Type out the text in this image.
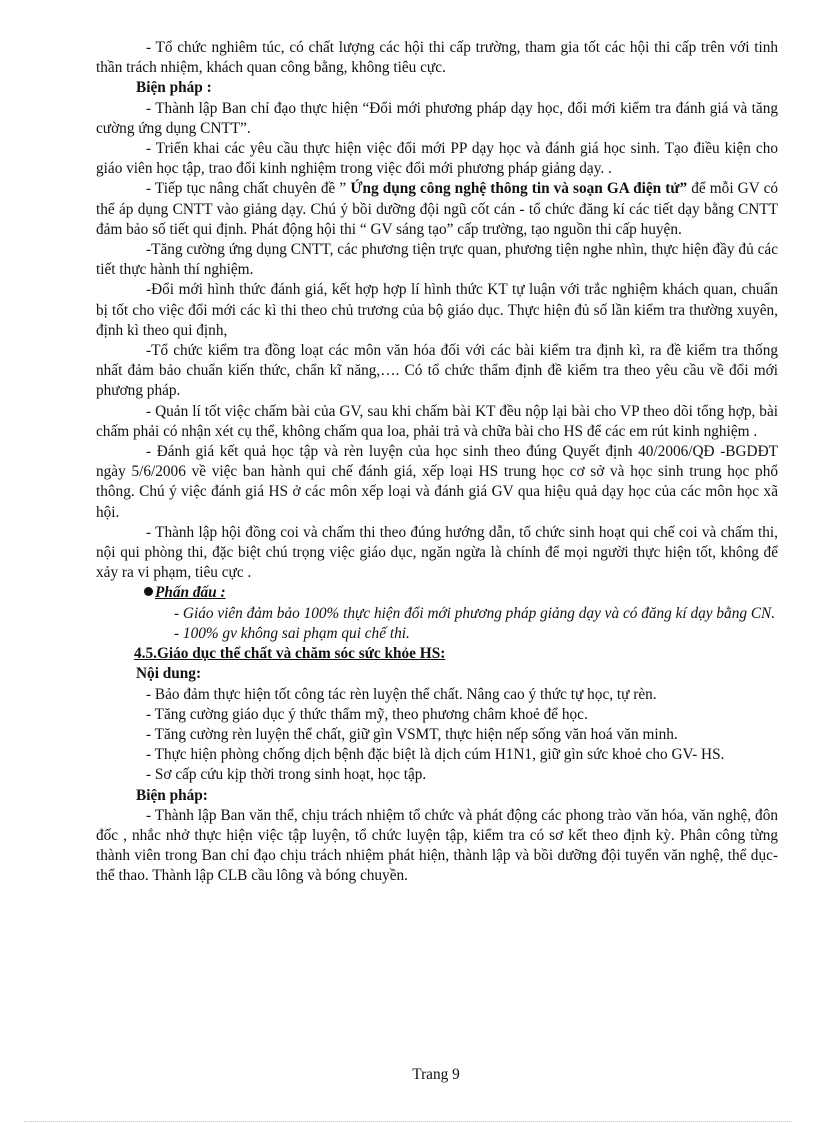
- Tổ chức nghiêm túc, có chất lượng các hội thi cấp trường, tham gia tốt các hội thi cấp trên với tinh thần trách nhiệm, khách quan công bằng, không tiêu cực.

Biện pháp :

- Thành lập Ban chỉ đạo thực hiện “Đổi mới phương pháp dạy học, đổi mới kiểm tra đánh giá và tăng cường ứng dụng CNTT”.

- Triển khai các yêu cầu thực hiện việc đổi mới PP dạy học và đánh giá học sinh. Tạo điều kiện cho giáo viên học tập, trao đổi kinh nghiệm trong việc đổi mới phương pháp giảng dạy. .

- Tiếp tục nâng chất chuyên đề ” Ứng dụng công nghệ thông tin và soạn GA điện tử” để mỗi GV có thể áp dụng CNTT vào giảng dạy. Chú ý bồi dưỡng đội ngũ cốt cán - tổ chức đăng kí các tiết dạy bằng CNTT đảm bảo số tiết qui định. Phát động hội thi “ GV sáng tạo” cấp trường, tạo nguồn thi cấp huyện.

-Tăng cường ứng dụng CNTT, các phương tiện trực quan, phương tiện nghe nhìn, thực hiện đầy đủ các tiết thực hành thí nghiệm.

-Đổi mới hình thức đánh giá, kết hợp hợp lí hình thức KT tự luận với trắc nghiệm khách quan, chuẩn bị tốt cho việc đổi mới các kì thi theo chủ trương của bộ giáo dục. Thực hiện đủ số lần kiểm tra thường xuyên, định kì theo qui định,

-Tổ chức kiểm tra đồng loạt các môn văn hóa đối với các bài kiểm tra định kì, ra đề kiểm tra thống nhất đảm bảo chuẩn kiến thức, chẩn kĩ năng,…. Có tổ chức thẩm định đề kiểm tra theo yêu cầu về đổi mới phương pháp.

- Quản lí tốt việc chấm bài của GV, sau khi chấm bài KT đều nộp lại bài cho VP theo dõi tổng hợp, bài chấm phải có nhận xét cụ thể, không chấm qua loa, phải trả và chữa bài cho HS để các em rút kinh nghiệm .

- Đánh giá kết quả học tập và rèn luyện của học sinh theo đúng Quyết định 40/2006/QĐ -BGDĐT ngày 5/6/2006 về việc ban hành qui chế đánh giá, xếp loại HS trung học cơ sở và học sinh trung học phổ thông. Chú ý việc đánh giá HS ở các môn xếp loại và đánh giá GV qua hiệu quả dạy học của các môn học xã hội.

- Thành lập hội đồng coi và chấm thi theo đúng hướng dẫn, tổ chức sinh hoạt qui chế coi và chấm thi, nội qui phòng thi, đặc biệt chú trọng việc giáo dục, ngăn ngừa là chính để mọi người thực hiện tốt, không để xảy ra vi phạm, tiêu cực .

Phấn đấu :

- Giáo viên đảm bảo 100% thực hiện đổi mới phương pháp giảng dạy và có đăng kí dạy bằng CN.

- 100% gv không sai phạm qui chế thi.

4.5.Giáo dục thể chất và chăm sóc sức khỏe HS:

Nội dung:

- Bảo đảm thực hiện tốt công tác rèn luyện thể chất. Nâng cao ý thức tự học, tự rèn.

- Tăng cường giáo dục ý thức thẩm mỹ, theo phương châm khoẻ để học.

- Tăng cường rèn luyện thể chất, giữ gìn VSMT, thực hiện nếp sống văn hoá văn minh.

- Thực hiện phòng chống dịch bệnh đặc biệt là dịch cúm H1N1, giữ gìn sức khoẻ cho GV- HS.

- Sơ cấp cứu kịp thời trong sinh hoạt, học tập.

Biện pháp:

- Thành lập Ban văn thể, chịu trách nhiệm tổ chức và phát động các phong trào văn hóa, văn nghệ, đôn đốc , nhắc nhở thực hiện việc tập luyện, tổ chức luyện tập, kiểm tra có sơ kết theo định kỳ. Phân công từng thành viên trong Ban chỉ đạo chịu trách nhiệm phát hiện, thành lập và bồi dưỡng đội tuyển văn nghệ, thể dục- thể thao. Thành lập CLB cầu lông và bóng chuyền.

Trang 9
